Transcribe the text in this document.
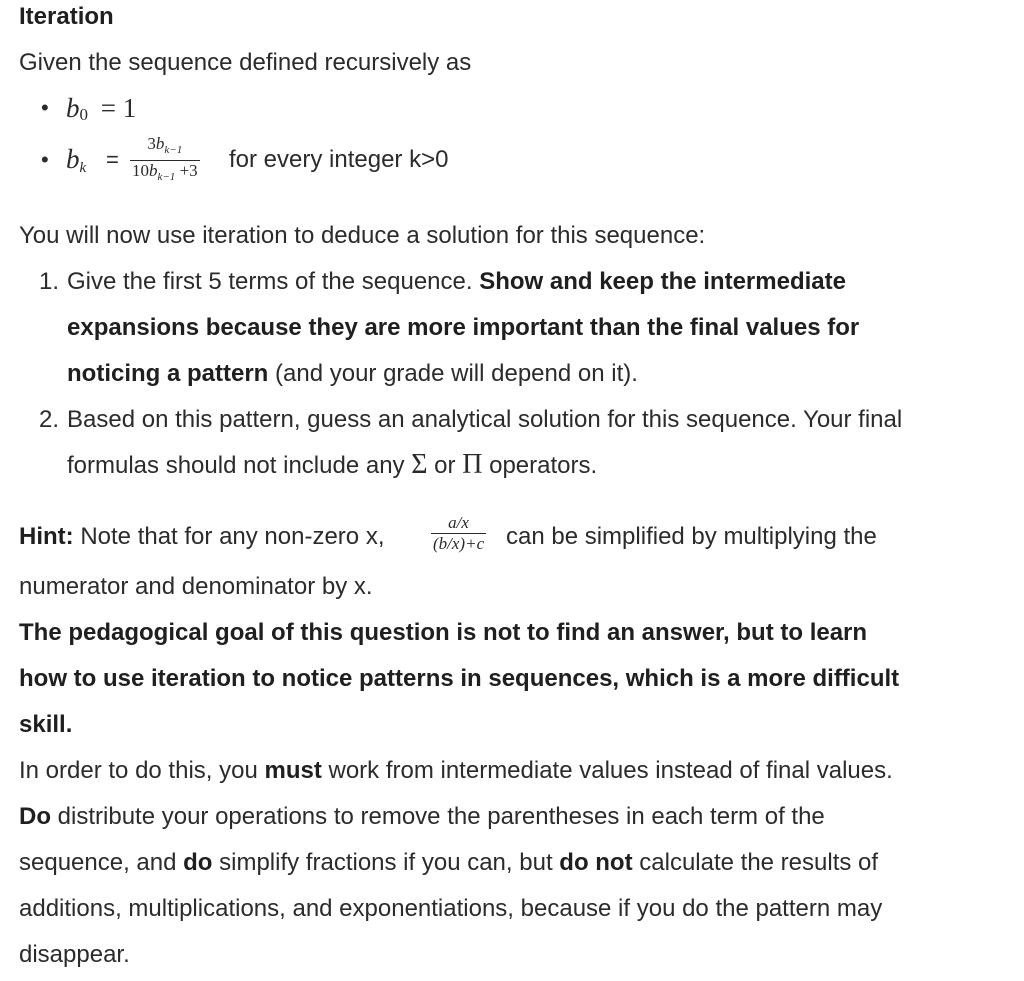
Iteration
Given the sequence defined recursively as
• b0 = 1
• $b_k = \frac{3b_{k-1}}{10b_{k-1} +3}$ for every integer k>0
You will now use iteration to deduce a solution for this sequence:
1. Give the first 5 terms of the sequence. Show and keep the intermediate
expansions because they are more important than the final values for
noticing a pattern (and your grade will depend on it).
2. Based on this pattern, guess an analytical solution for this sequence. Your final
formulas should not include any Σ or Π operators.
Hint: Note that for any non-zero x,	$\frac{a/x}{(b/x)+c}$ can be simplified by multiplying the
numerator and denominator by x.
The pedagogical goal of this question is not to find an answer, but to learn
how to use iteration to notice patterns in sequences, which is a more difficult
skill.
In order to do this, you must work from intermediate values instead of final values.
Do distribute your operations to remove the parentheses in each term of the
sequence, and do simplify fractions if you can, but do not calculate the results of
additions, multiplications, and exponentiations, because if you do the pattern may
disappear.
